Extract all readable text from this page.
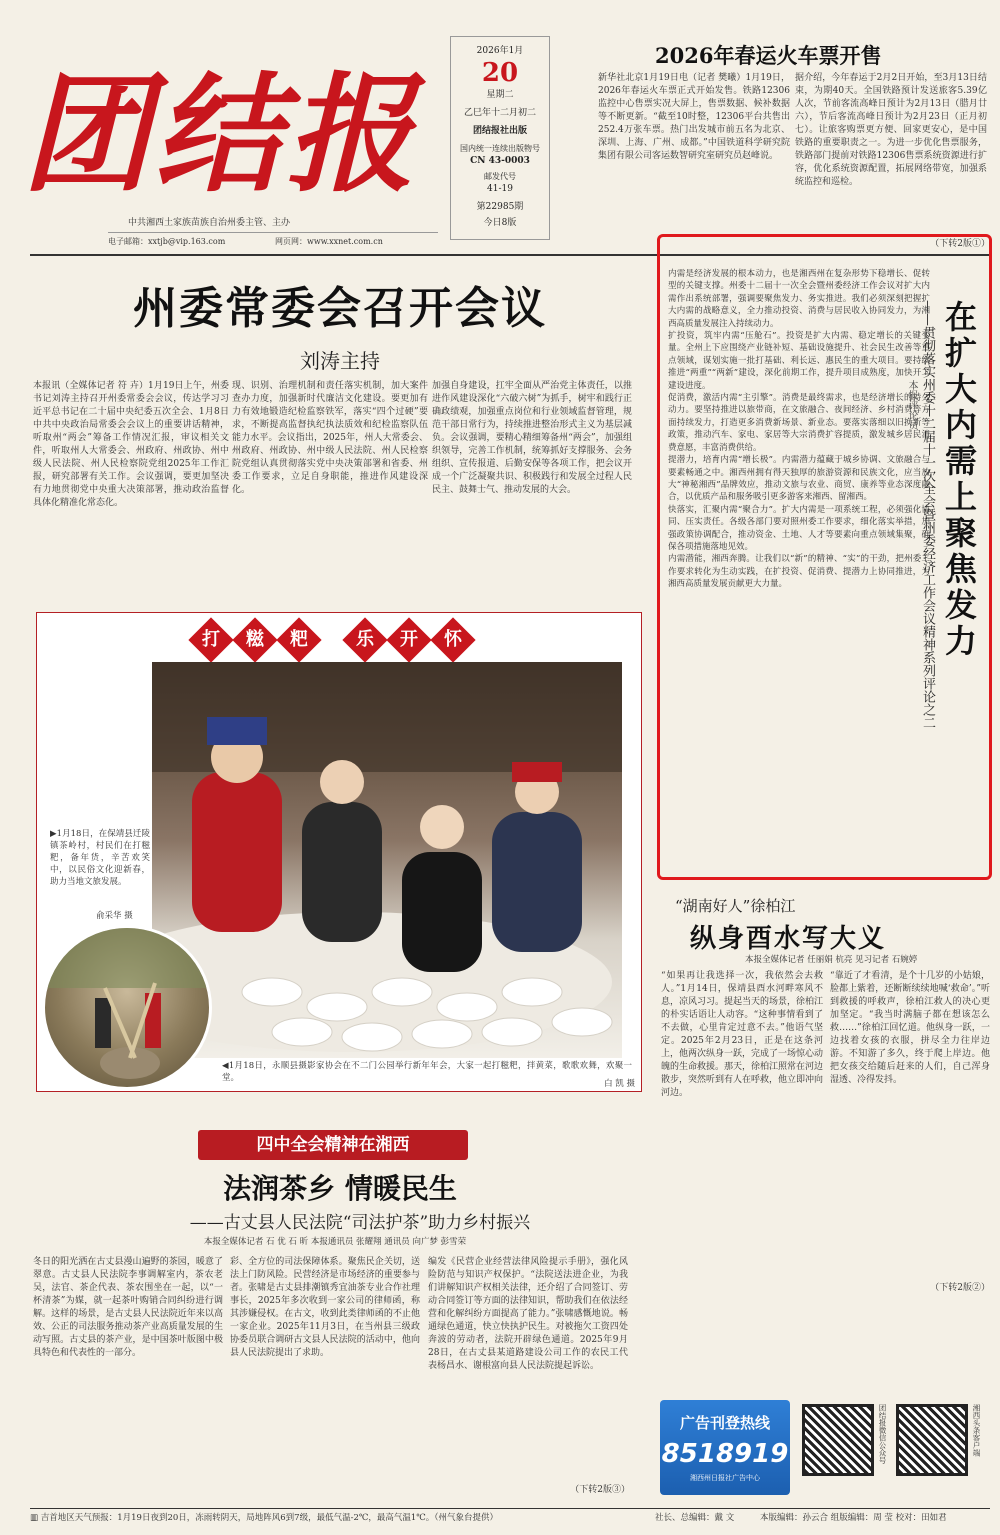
团结报
中共湘西土家族苗族自治州委主管、主办
电子邮箱：xxtjb@vip.163.com	网页网：www.xxnet.com.cn
2026年1月
20
星期二
乙巳年十二月初二
团结报社出版
国内统一连续出版物号
CN 43-0003
邮发代号
41-19
第22985期
今日8版
2026年春运火车票开售
新华社北京1月19日电（记者 樊曦）1月19日，2026年春运火车票正式开始发售。铁路12306监控中心售票实况大屏上，售票数据、候补数据等不断更新。“截至10时整，12306平台共售出252.4万张车票。热门出发城市前五名为北京、深圳、上海、广州、成都。”中国铁道科学研究院集团有限公司客运数智研究室研究员赵峰说。
据介绍，今年春运于2月2日开始，至3月13日结束，为期40天。全国铁路预计发送旅客5.39亿人次，节前客流高峰日预计为2月13日（腊月廿六），节后客流高峰日预计为2月23日（正月初七）。让旅客购票更方便、回家更安心，是中国铁路的重要职责之一。为进一步优化售票服务，铁路部门提前对铁路12306售票系统资源进行扩容，优化系统资源配置，拓展网络带宽，加强系统监控和巡检。
（下转2版①）
州委常委会召开会议
刘涛主持
本报讯（全媒体记者 符 卉）1月19日上午，州委书记刘涛主持召开州委常委会会议，传达学习习近平总书记在二十届中央纪委五次全会、1月8日中共中央政治局常委会会议上的重要讲话精神，听取州“两会”筹备工作情况汇报，审议相关文件，听取州人大常委会、州政府、州政协、州中级人民法院、州人民检察院党组2025年工作汇报，研究部署有关工作。会议强调，要更加坚决有力地贯彻党中央重大决策部署，推动政治监督具体化精准化常态化。
现、识别、治理机制和责任落实机制，加大案件查办力度，加强新时代廉洁文化建设。要更加有力有效地锻造纪检监察铁军，落实“四个过硬”要求，不断提高监督执纪执法质效和纪检监察队伍能力水平。会议指出，2025年，州人大常委会、州政府、州政协、州中级人民法院、州人民检察院党组认真贯彻落实党中央决策部署和省委、州委工作要求，立足自身职能，推进作风建设深化。
加强自身建设，扛牢全面从严治党主体责任，以推进作风建设深化“六破六树”为抓手，树牢和践行正确政绩观，加强重点岗位和行业领域监督管理，规范干部日常行为，持续推进整治形式主义为基层减负。会议强调，要精心精细筹备州“两会”，加强组织领导，完善工作机制，统筹抓好支撑服务、会务组织、宣传报道、后勤安保等各项工作，把会议开成一个广泛凝聚共识、积极践行和发展全过程人民民主、鼓舞士气、推动发展的大会。

内需是经济发展的根本动力，也是湘西州在复杂形势下稳增长、促转型的关键支撑。州委十二届十一次全会暨州委经济工作会议对扩大内需作出系统部署，强调要聚焦发力、务实推进。我们必须深刻把握扩大内需的战略意义，全力推动投资、消费与居民收入协同发力，为湘西高质量发展注入持续动力。

扩投资，筑牢内需“压舱石”。投资是扩大内需、稳定增长的关键变量。全州上下应围绕产业链补短、基础设施提升、社会民生改善等重点领域，谋划实施一批打基础、利长远、惠民生的重大项目。要持续推进“两重”“两新”建设，深化前期工作，提升项目成熟度，加快开工建设进度。

促消费，激活内需“主引擎”。消费是最终需求，也是经济增长的持久动力。要坚持推进以旅带商，在文旅融合、夜间经济、乡村消费等方面持续发力，打造更多消费新场景、新业态。要落实落细以旧换新等政策，推动汽车、家电、家居等大宗消费扩容提质，激发城乡居民消费意愿，丰富消费供给。

提潜力，培育内需“增长极”。内需潜力蕴藏于城乡协调、文旅融合与要素畅通之中。湘西州拥有得天独厚的旅游资源和民族文化，应当放大“神秘湘西”品牌效应，推动文旅与农业、商贸、康养等业态深度融合，以优质产品和服务吸引更多游客来湘西、留湘西。

快落实，汇聚内需“聚合力”。扩大内需是一项系统工程，必须强化协同、压实责任。各级各部门要对照州委工作要求，细化落实举措，加强政策协调配合，推动资金、土地、人才等要素向重点领域集聚，确保各项措施落地见效。

内需潜能，湘西奔腾。让我们以“新”的精神、“实”的干劲，把州委工作要求转化为生动实践，在扩投资、促消费、提潜力上协同推进，为湘西高质量发展贡献更大力量。	在扩大内需上聚焦发力
——贯彻落实州委十二届十一次全会暨州委经济工作会议精神系列评论之二
本报评论员
打	糍	粑	乐	开	怀
▶1月18日，在保靖县迁陵镇茶岭村，村民们在打糍粑，备年货，辛苦欢笑中，以民俗文化迎新春，助力当地文旅发展。
俞采华 摄
◀1月18日，永顺县摄影家协会在不二门公园举行新年年会，大家一起打糍粑，拌黄菜，歌歌欢舞，欢聚一堂。
白 凯 摄
“湖南好人”徐柏江
纵身酉水写大义
本报全媒体记者 任丽娟 杭亮 见习记者 石婉婷
“如果再让我选择一次，我依然会去救人。”1月14日，保靖县酉水河畔寒风不息，凉风习习。提起当天的场景，徐柏江的朴实话语让人动容。“这种事情看到了不去做，心里肯定过意不去。”他语气坚定。2025年2月23日，正是在这条河上，他两次纵身一跃，完成了一场惊心动魄的生命救援。那天，徐柏江照常在河边散步，突然听到有人在呼救，他立即冲向河边。
“靠近了才看清，是个十几岁的小姑娘，脸都上紫着，还断断续续地喊‘救命’。”听到救援的呼救声，徐柏江救人的决心更加坚定。“我当时满脑子都在想该怎么救……”徐柏江回忆道。他纵身一跃，一边找着女孩的衣服，拼尽全力往岸边游。不知游了多久，终于爬上岸边。他把女孩交给随后赶来的人们，自己浑身湿透、冷得发抖。
（下转2版②）
四中全会精神在湘西
法润茶乡 情暖民生
——古丈县人民法院“司法护茶”助力乡村振兴
本报全媒体记者 石 优 石 昕 本报通讯员 张耀翔 通讯员 向广梦 彭雪荣
冬日的阳光洒在古丈县漫山遍野的茶园，暖意了翠意。古丈县人民法院李事调解室内，茶农老吴，法官、茶企代表、茶农围坐在一起，以“一杯清茶”为媒，就一起茶叶购销合同纠纷进行调解。这样的场景，是古丈县人民法院近年来以高效、公正的司法服务推动茶产业高质量发展的生动写照。古丈县的茶产业，是中国茶叶版图中极具特色和代表性的一部分。
彩、全方位的司法保障体系。聚焦民企关切，送法上门防风险。民营经济是市场经济的重要参与者。张啸是古丈县排潮镇秀宜油茶专业合作社理事长，2025年多次收到一家公司的律师函，称其涉嫌侵权。在古文，收到此类律师函的不止他一家企业。2025年11月3日，在当州县三级政协委员联合调研古文县人民法院的活动中，他向县人民法院提出了求助。
编发《民营企业经营法律风险提示手册》，强化风险防范与知识产权保护。“法院送法进企业，为我们讲解知识产权相关法律，还介绍了合同签订、劳动合同签订等方面的法律知识，帮助我们在依法经营和化解纠纷方面提高了能力。”张啸感慨地说。畅通绿色通道，快立快执护民生。对被拖欠工资四处奔波的劳动者，法院开辟绿色通道。2025年9月28日，在古丈县某道路建设公司工作的农民工代表杨昌水、谢根富向县人民法院提起诉讼。
（下转2版③）
广告刊登热线
8518919
湘西州日报社广告中心
团结报微信公众号	湘西头条客户端
▥ 吉首地区天气预报：1月19日夜到20日，冻雨转阴天，局地阵风6到7级，最低气温-2℃，最高气温1℃。（州气象台提供）	社长、总编辑：戴 文	本版编辑：孙云合 组版编辑：周 莹 校对：田如君
